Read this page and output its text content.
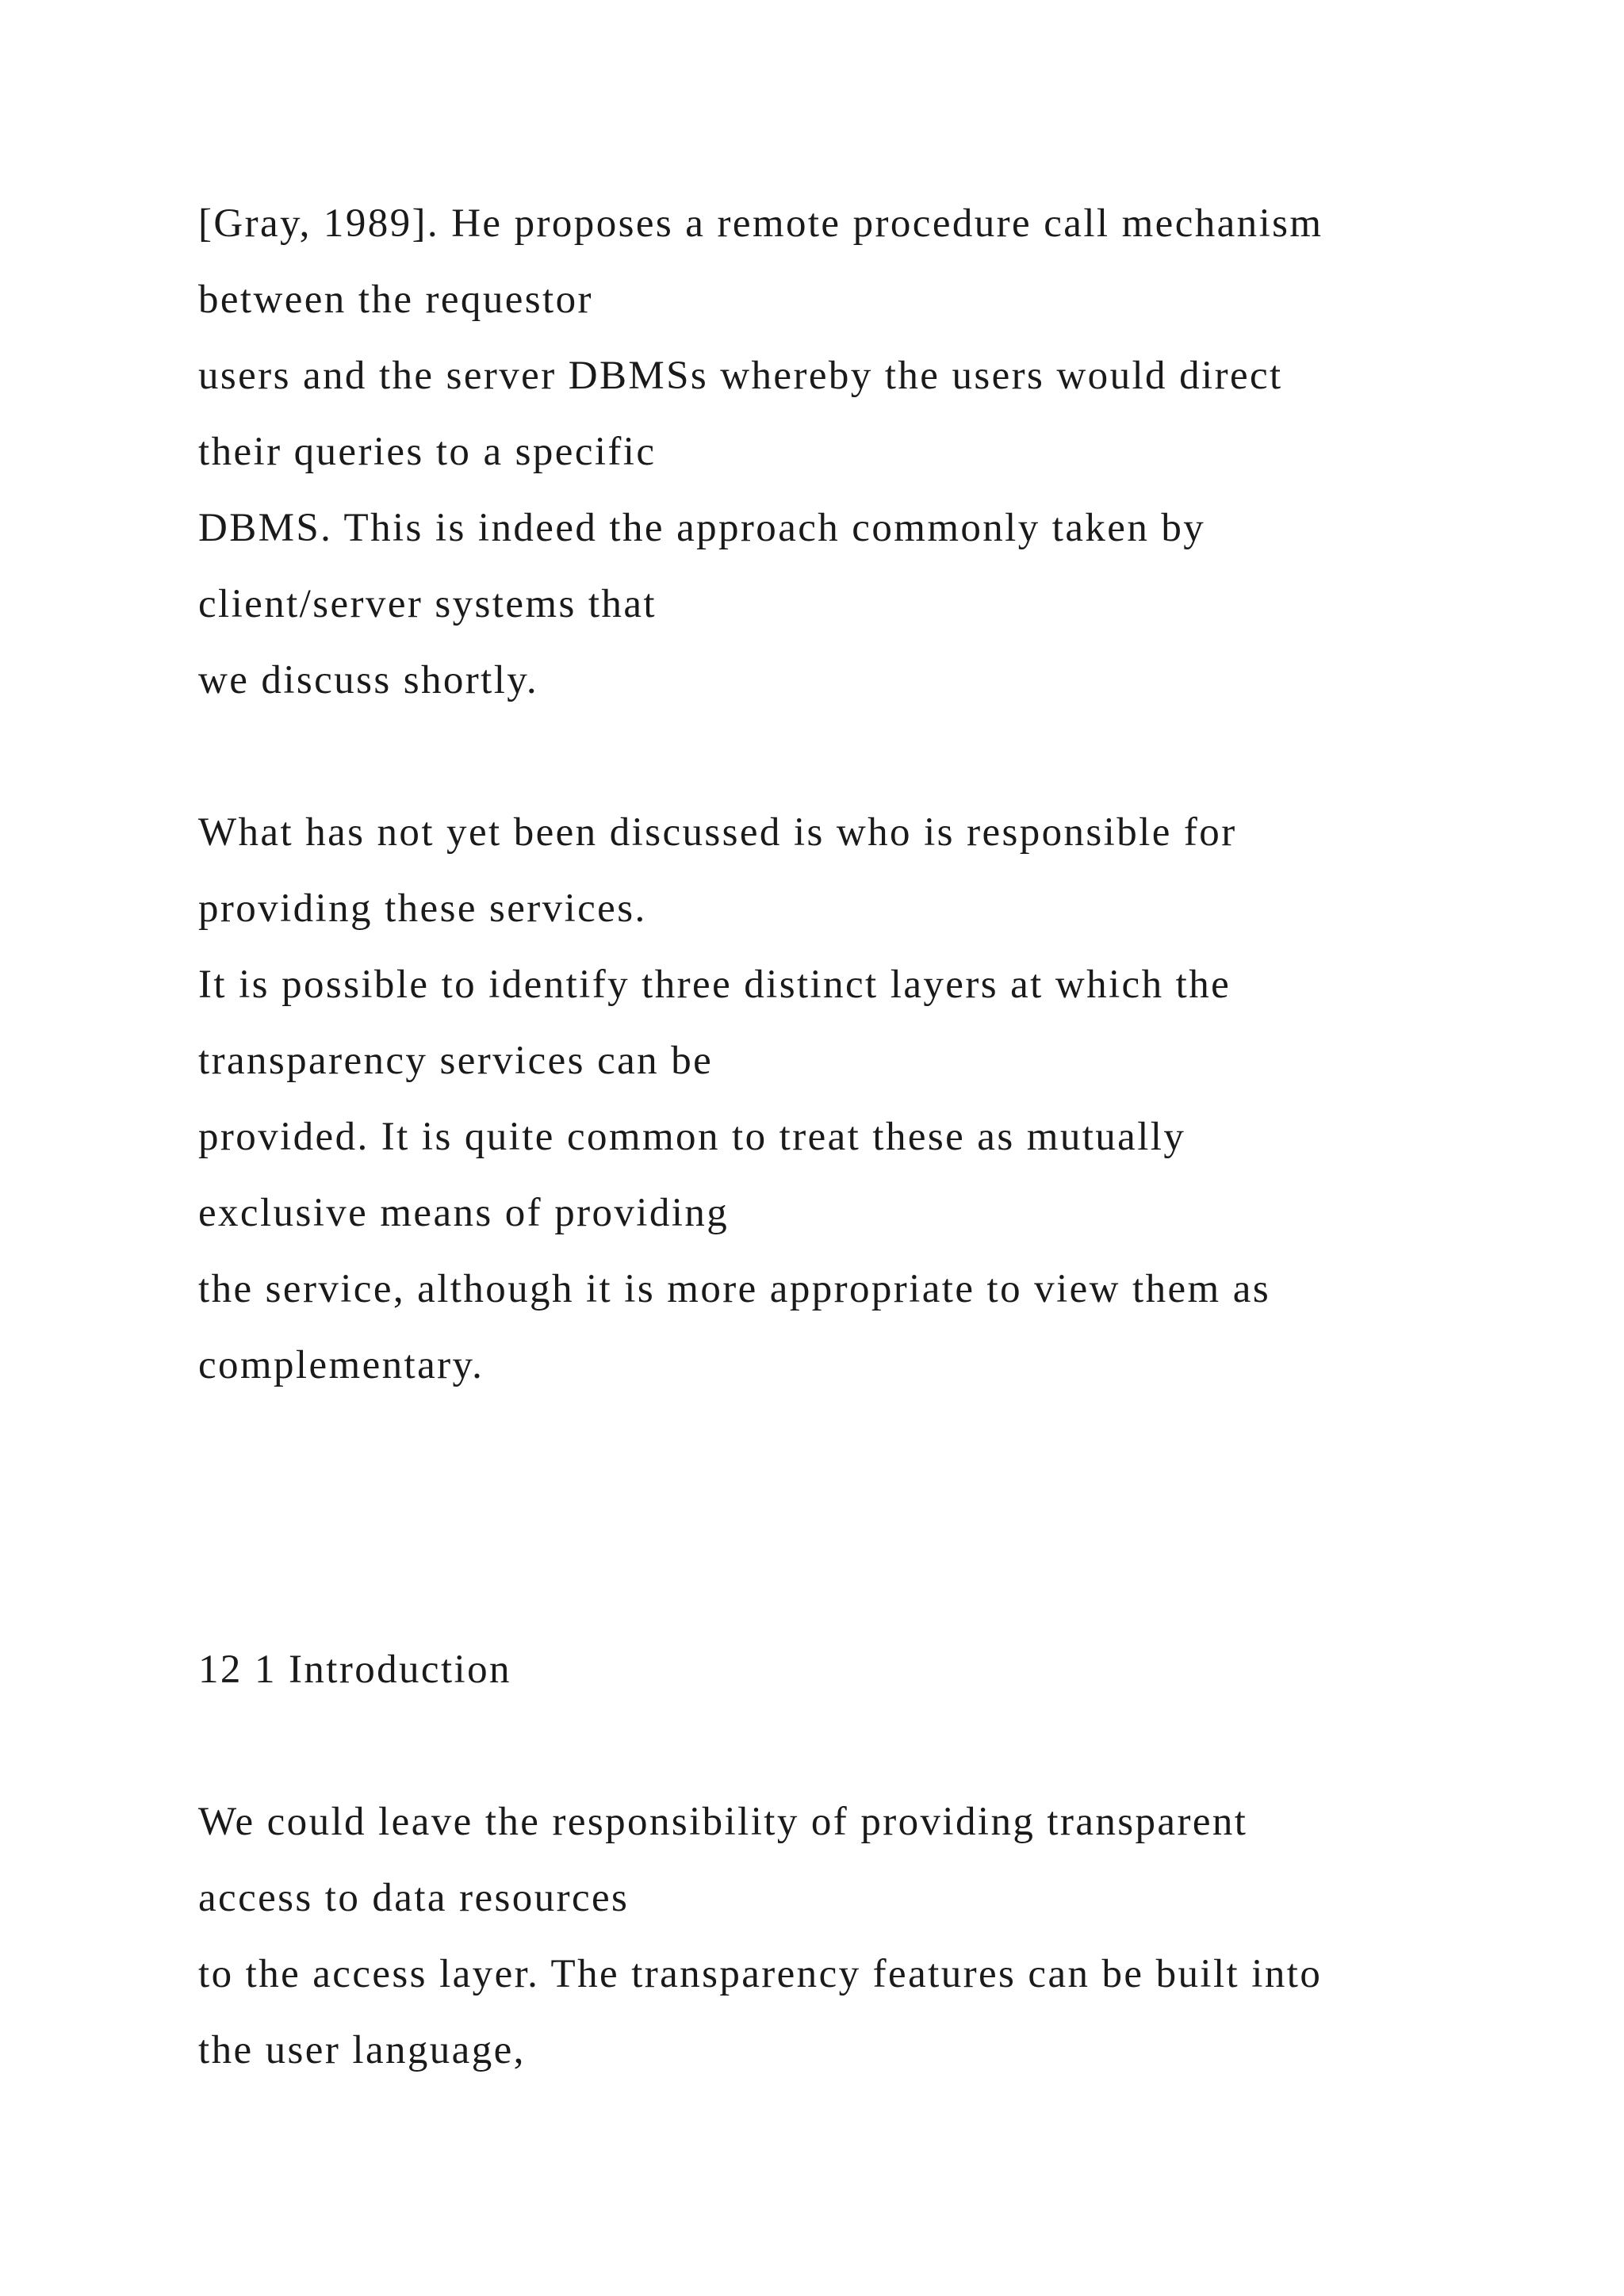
[Gray, 1989]. He proposes a remote procedure call mechanism

between the requestor

users and the server DBMSs whereby the users would direct

their queries to a specific

DBMS. This is indeed the approach commonly taken by

client/server systems that

we discuss shortly.

What has not yet been discussed is who is responsible for

providing these services.

It is possible to identify three distinct layers at which the

transparency services can be

provided. It is quite common to treat these as mutually

exclusive means of providing

the service, although it is more appropriate to view them as

complementary.

12 1 Introduction

We could leave the responsibility of providing transparent

access to data resources

to the access layer. The transparency features can be built into

the user language,
